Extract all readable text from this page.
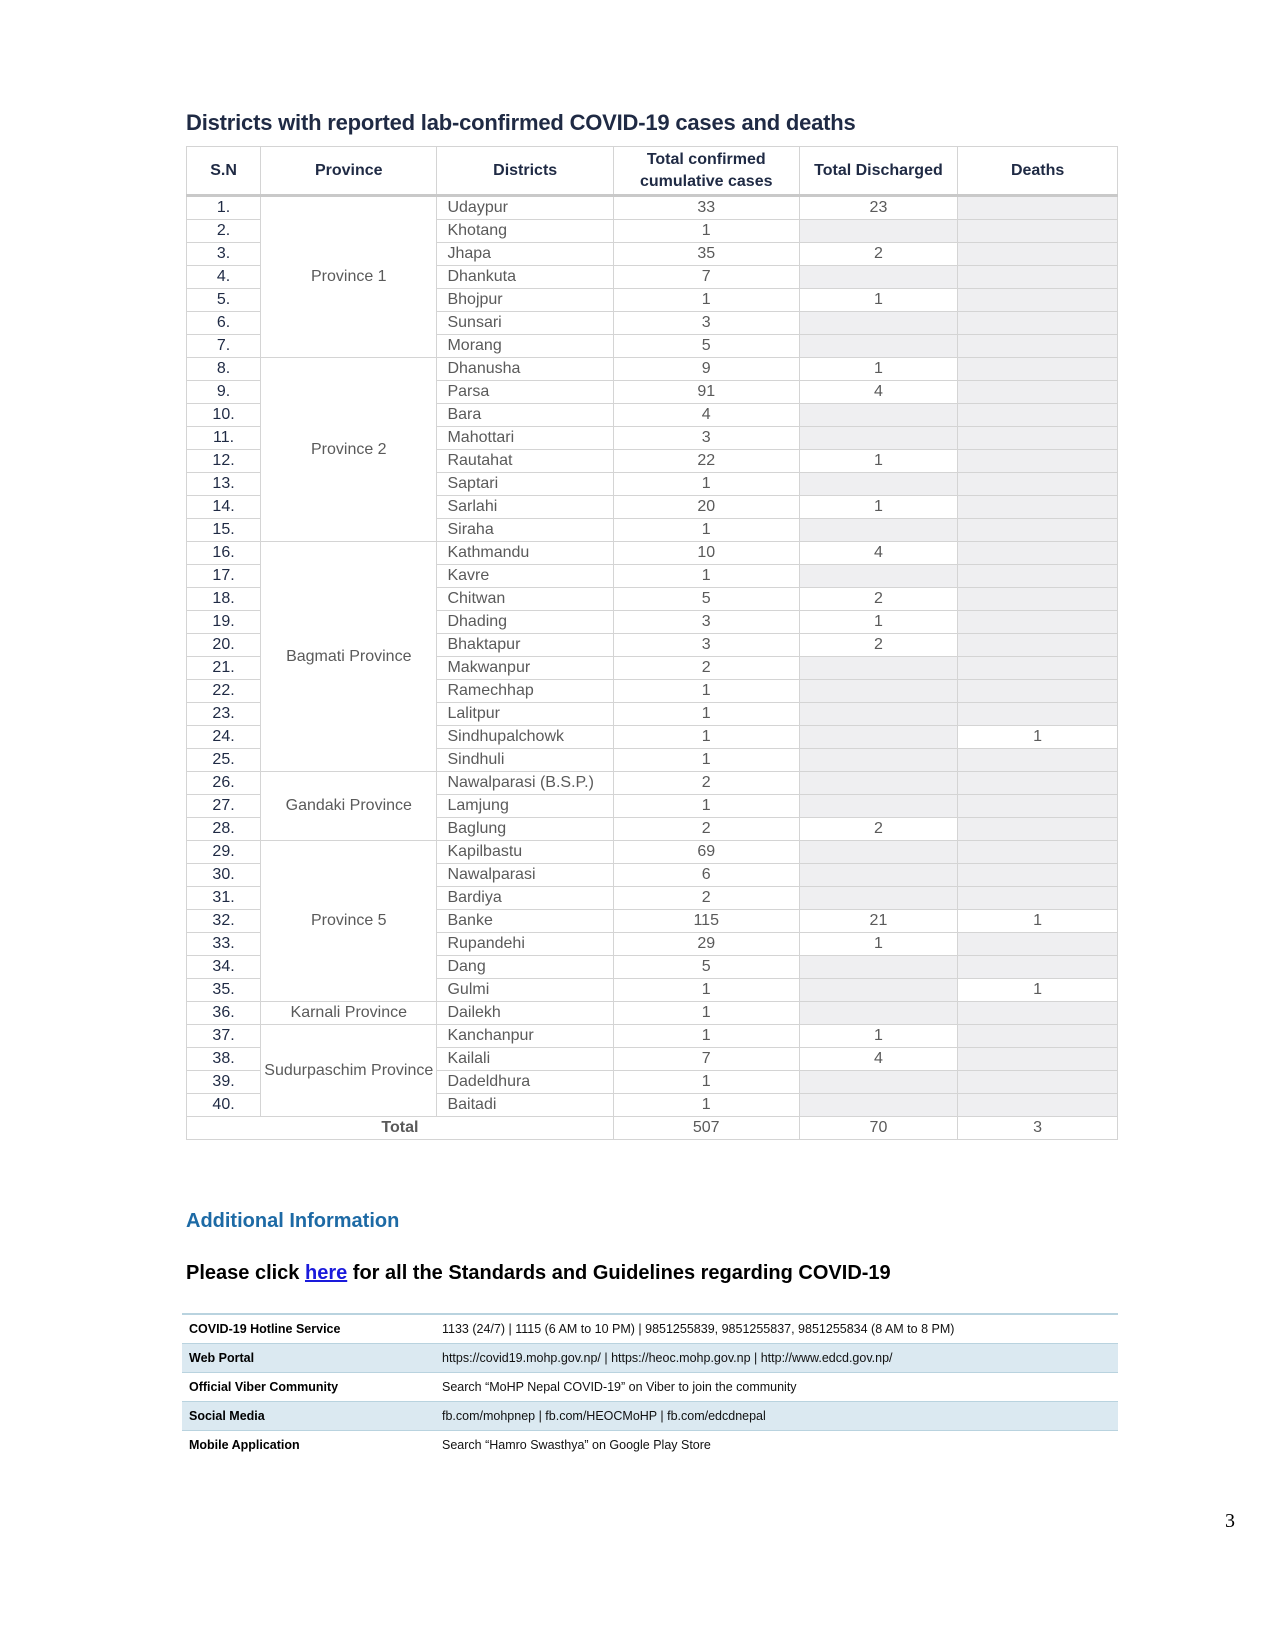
Districts with reported lab-confirmed COVID-19 cases and deaths
S.N	Province	Districts	Total confirmed
cumulative cases	Total Discharged	Deaths
1.	Province 1	Udaypur	33	23	
2.		Khotang	1		
3.		Jhapa	35	2	
4.		Dhankuta	7		
5.		Bhojpur	1	1	
6.		Sunsari	3		
7.		Morang	5		
8.	Province 2	Dhanusha	9	1	
9.		Parsa	91	4	
10.		Bara	4		
11.		Mahottari	3		
12.		Rautahat	22	1	
13.		Saptari	1		
14.		Sarlahi	20	1	
15.		Siraha	1		
16.	Bagmati Province	Kathmandu	10	4	
17.		Kavre	1		
18.		Chitwan	5	2	
19.		Dhading	3	1	
20.		Bhaktapur	3	2	
21.		Makwanpur	2		
22.		Ramechhap	1		
23.		Lalitpur	1		
24.		Sindhupalchowk	1		1
25.		Sindhuli	1		
26.	Gandaki Province	Nawalparasi (B.S.P.)	2		
27.		Lamjung	1		
28.		Baglung	2	2	
29.	Province 5	Kapilbastu	69		
30.		Nawalparasi	6		
31.		Bardiya	2		
32.		Banke	115	21	1
33.		Rupandehi	29	1	
34.		Dang	5		
35.		Gulmi	1		1
36.	Karnali Province	Dailekh	1		
37.	Sudurpaschim Province	Kanchanpur	1	1	
38.		Kailali	7	4	
39.		Dadeldhura	1		
40.		Baitadi	1		
Total			507	70	3
Additional Information

Please click here for all the Standards and Guidelines regarding COVID-19

COVID-19 Hotline Service	1133 (24/7) | 1115 (6 AM to 10 PM) | 9851255839, 9851255837, 9851255834 (8 AM to 8 PM)
Web Portal	https://covid19.mohp.gov.np/ | https://heoc.mohp.gov.np | http://www.edcd.gov.np/
Official Viber Community	Search “MoHP Nepal COVID-19” on Viber to join the community
Social Media	fb.com/mohpnep | fb.com/HEOCMoHP | fb.com/edcdnepal
Mobile Application	Search “Hamro Swasthya” on Google Play Store
3
